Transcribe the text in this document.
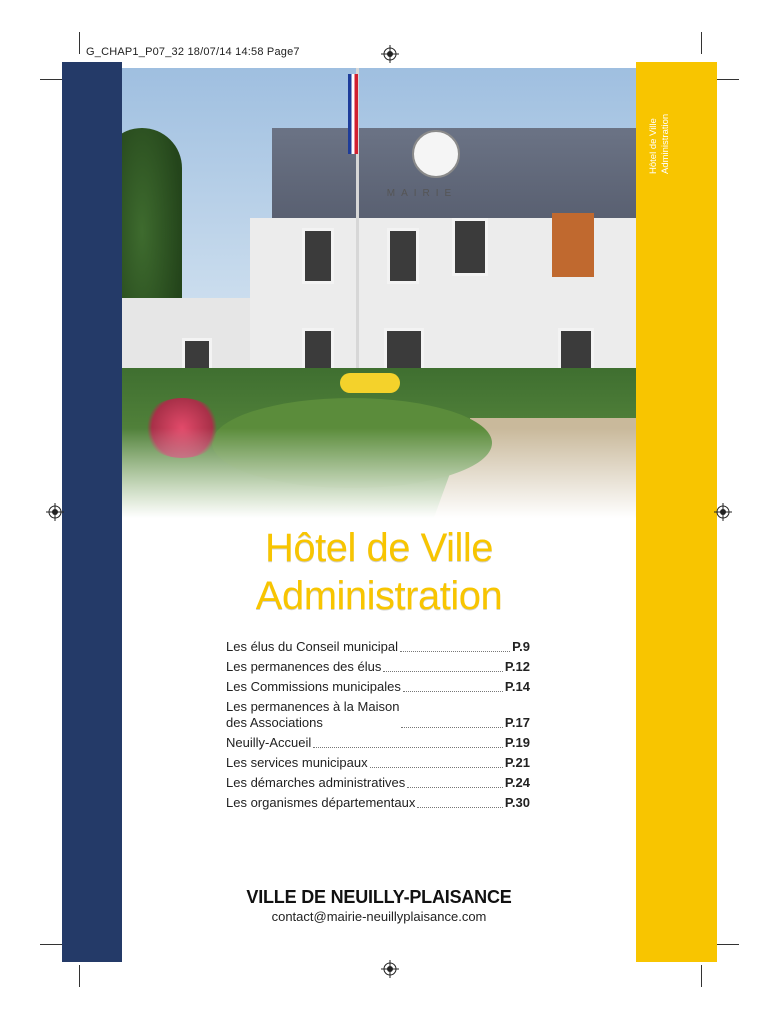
G_CHAP1_P07_32 18/07/14 14:58 Page7
Hôtel de Ville Administration
MAIRIE
Hôtel de Ville
Administration
Les élus du Conseil municipal	P.9
Les permanences des élus	P.12
Les Commissions municipales	P.14
Les permanences à la Maison
des Associations	P.17
Neuilly-Accueil	P.19
Les services municipaux	P.21
Les démarches administratives	P.24
Les organismes départementaux	P.30
VILLE DE NEUILLY-PLAISANCE
contact@mairie-neuillyplaisance.com
